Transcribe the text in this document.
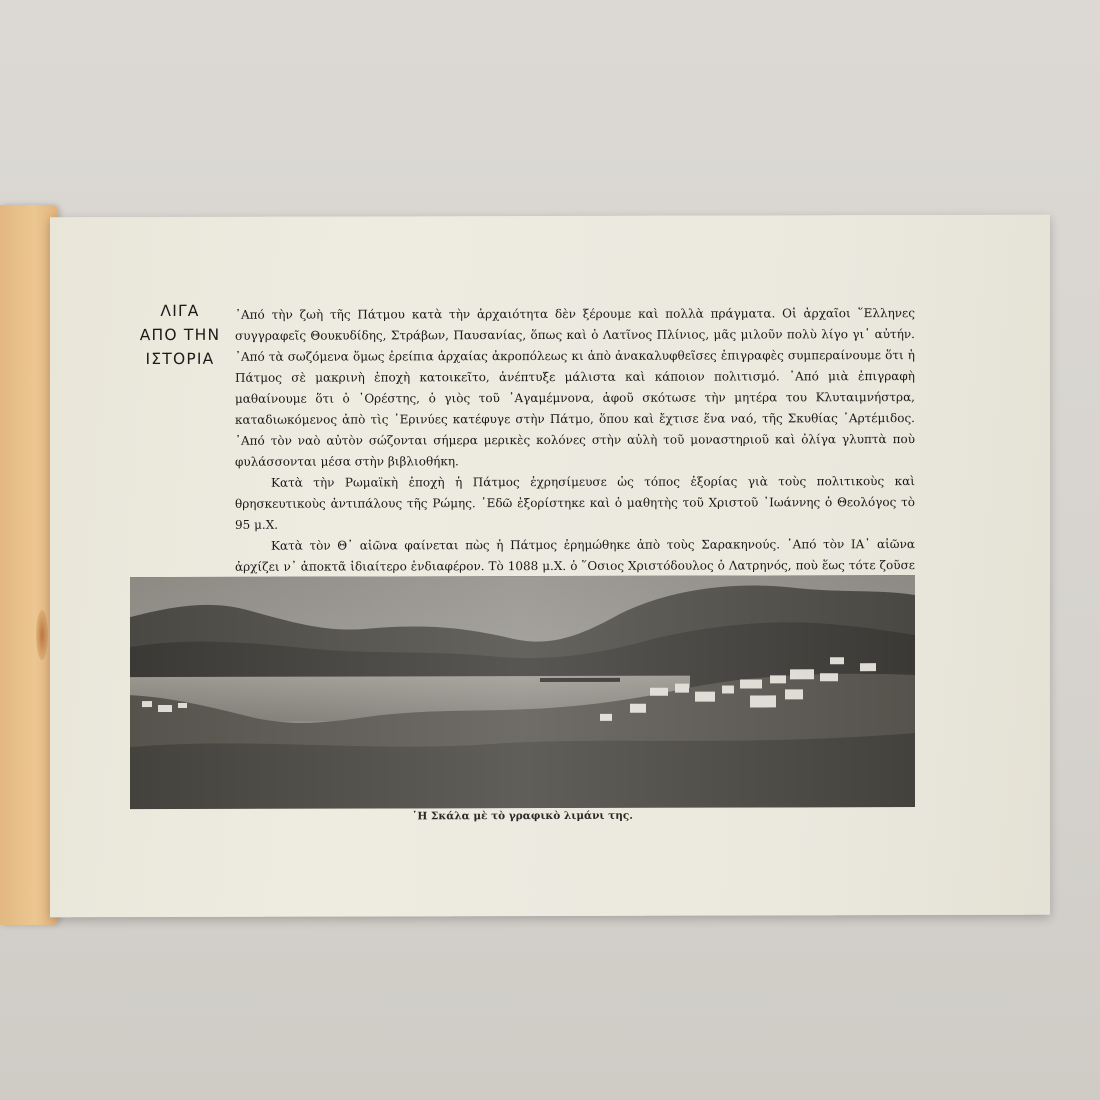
ΛΙΓΑ
ΑΠΟ ΤΗΝ
ΙΣΤΟΡΙΑ

᾿Από τὴν ζωὴ τῆς Πάτμου κατὰ τὴν ἀρχαιότητα δὲν ξέρουμε καὶ πολλὰ πράγματα. Οἱ ἀρχαῖοι ῞Ελληνες συγγραφεῖς Θουκυδίδης, Στράβων, Παυσανίας, ὅπως καὶ ὁ Λατῖνος Πλίνιος, μᾶς μιλοῦν πολὺ λίγο γι᾿ αὐτήν. ᾿Από τὰ σωζόμενα ὅμως ἐρείπια ἀρχαίας ἀκροπόλεως κι ἀπὸ ἀνακαλυφθεῖσες ἐπιγραφὲς συμπεραίνουμε ὅτι ἡ Πάτμος σὲ μακρινὴ ἐποχὴ κατοικεῖτο, ἀνέπτυξε μάλιστα καὶ κάποιον πολιτισμό. ᾿Από μιὰ ἐπιγραφὴ μαθαίνουμε ὅτι ὁ ᾿Ορέστης, ὁ γιὸς τοῦ ᾿Αγαμέμνονα, ἀφοῦ σκότωσε τὴν μητέρα του Κλυταιμνήστρα, καταδιωκόμενος ἀπὸ τὶς ᾿Ερινύες κατέφυγε στὴν Πάτμο, ὅπου καὶ ἔχτισε ἕνα ναό, τῆς Σκυθίας ᾿Αρτέμιδος. ᾿Από τὸν ναὸ αὐτὸν σώζονται σήμερα μερικὲς κολόνες στὴν αὐλὴ τοῦ μοναστηριοῦ καὶ ὀλίγα γλυπτὰ ποὺ φυλάσσονται μέσα στὴν βιβλιοθήκη.

Κατὰ τὴν Ρωμαϊκὴ ἐποχὴ ἡ Πάτμος ἐχρησίμευσε ὡς τόπος ἐξορίας γιὰ τοὺς πολιτικοὺς καὶ θρησκευτικοὺς ἀντιπάλους τῆς Ρώμης. ᾿Εδῶ ἐξορίστηκε καὶ ὁ μαθητὴς τοῦ Χριστοῦ ᾿Ιωάννης ὁ Θεολόγος τὸ 95 μ.Χ.

Κατὰ τὸν Θ᾿ αἰῶνα φαίνεται πὼς ἡ Πάτμος ἐρημώθηκε ἀπὸ τοὺς Σαρακηνούς. ᾿Από τὸν ΙΑ᾿ αἰῶνα ἀρχίζει ν᾿ ἀποκτᾶ ἰδιαίτερο ἐνδιαφέρον. Τὸ 1088 μ.Χ. ὁ ῞Οσιος Χριστόδουλος ὁ Λατρηνός, ποὺ ἕως τότε ζοῦσε

῾Η Σκάλα μὲ τὸ γραφικὸ λιμάνι της.
